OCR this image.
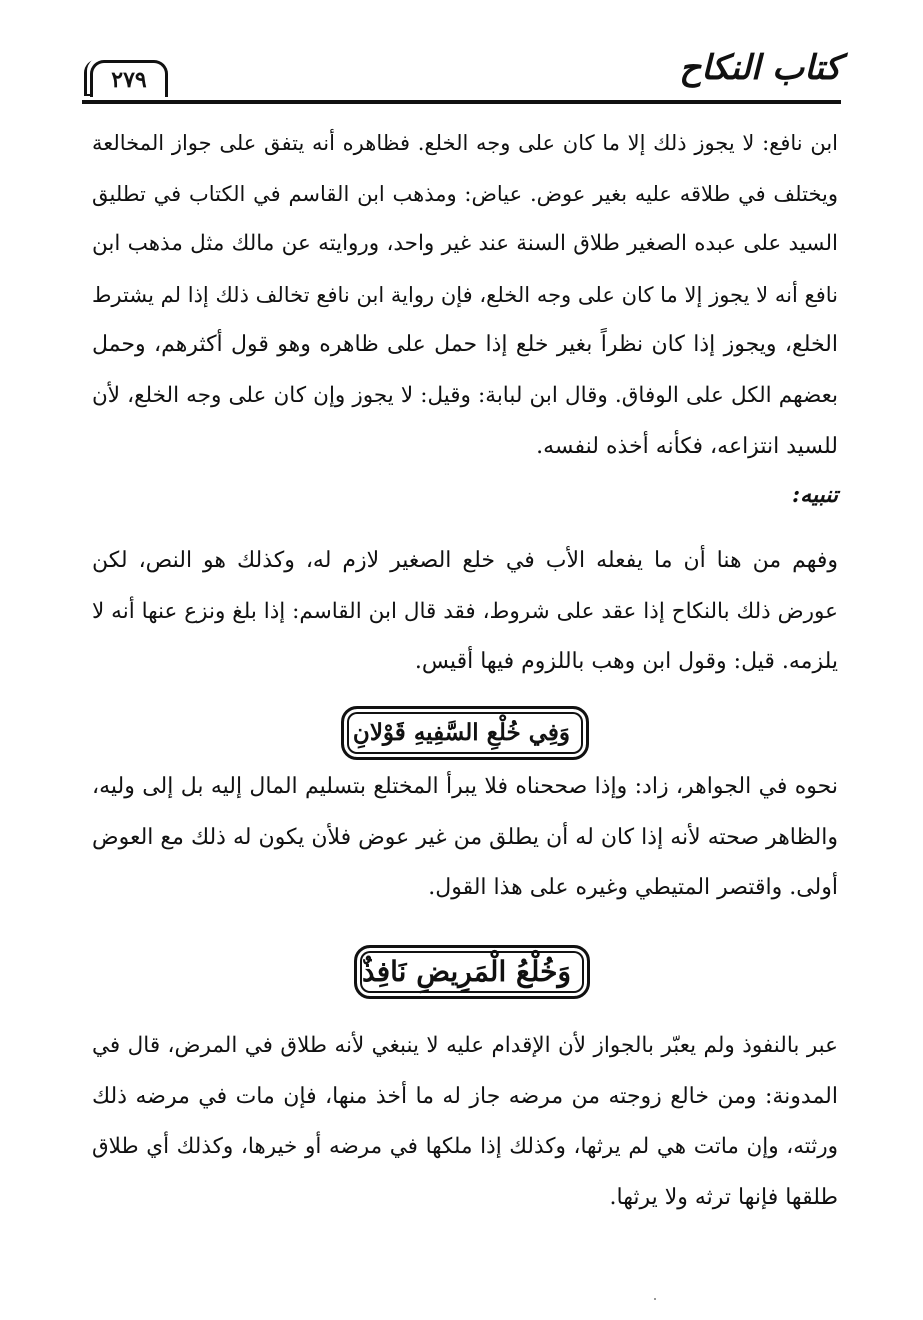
كتاب النكاح
٢٧٩

ابن نافع: لا يجوز ذلك إلا ما كان على وجه الخلع. فظاهره أنه يتفق على جواز المخالعة
ويختلف في طلاقه عليه بغير عوض. عياض: ومذهب ابن القاسم في الكتاب في تطليق
السيد على عبده الصغير طلاق السنة عند غير واحد، وروايته عن مالك مثل مذهب ابن
نافع أنه لا يجوز إلا ما كان على وجه الخلع، فإن رواية ابن نافع تخالف ذلك إذا لم يشترط
الخلع، ويجوز إذا كان نظراً بغير خلع إذا حمل على ظاهره وهو قول أكثرهم، وحمل
بعضهم الكل على الوفاق. وقال ابن لبابة: وقيل: لا يجوز وإن كان على وجه الخلع، لأن
للسيد انتزاعه، فكأنه أخذه لنفسه.

تنبيه:

وفهم من هنا أن ما يفعله الأب في خلع الصغير لازم له، وكذلك هو النص، لكن
عورض ذلك بالنكاح إذا عقد على شروط، فقد قال ابن القاسم: إذا بلغ ونزع عنها أنه لا
يلزمه. قيل: وقول ابن وهب باللزوم فيها أقيس.

وَفِي خُلْعِ السَّفِيهِ قَوْلانِ

نحوه في الجواهر، زاد: وإذا صححناه فلا يبرأ المختلع بتسليم المال إليه بل إلى وليه،
والظاهر صحته لأنه إذا كان له أن يطلق من غير عوض فلأن يكون له ذلك مع العوض
أولى. واقتصر المتيطي وغيره على هذا القول.

وَخُلْعُ الْمَرِيضِ نَافِذٌ

عبر بالنفوذ ولم يعبّر بالجواز لأن الإقدام عليه لا ينبغي لأنه طلاق في المرض، قال في
المدونة: ومن خالع زوجته من مرضه جاز له ما أخذ منها، فإن مات في مرضه ذلك
ورثته، وإن ماتت هي لم يرثها، وكذلك إذا ملكها في مرضه أو خيرها، وكذلك أي طلاق
طلقها فإنها ترثه ولا يرثها.
